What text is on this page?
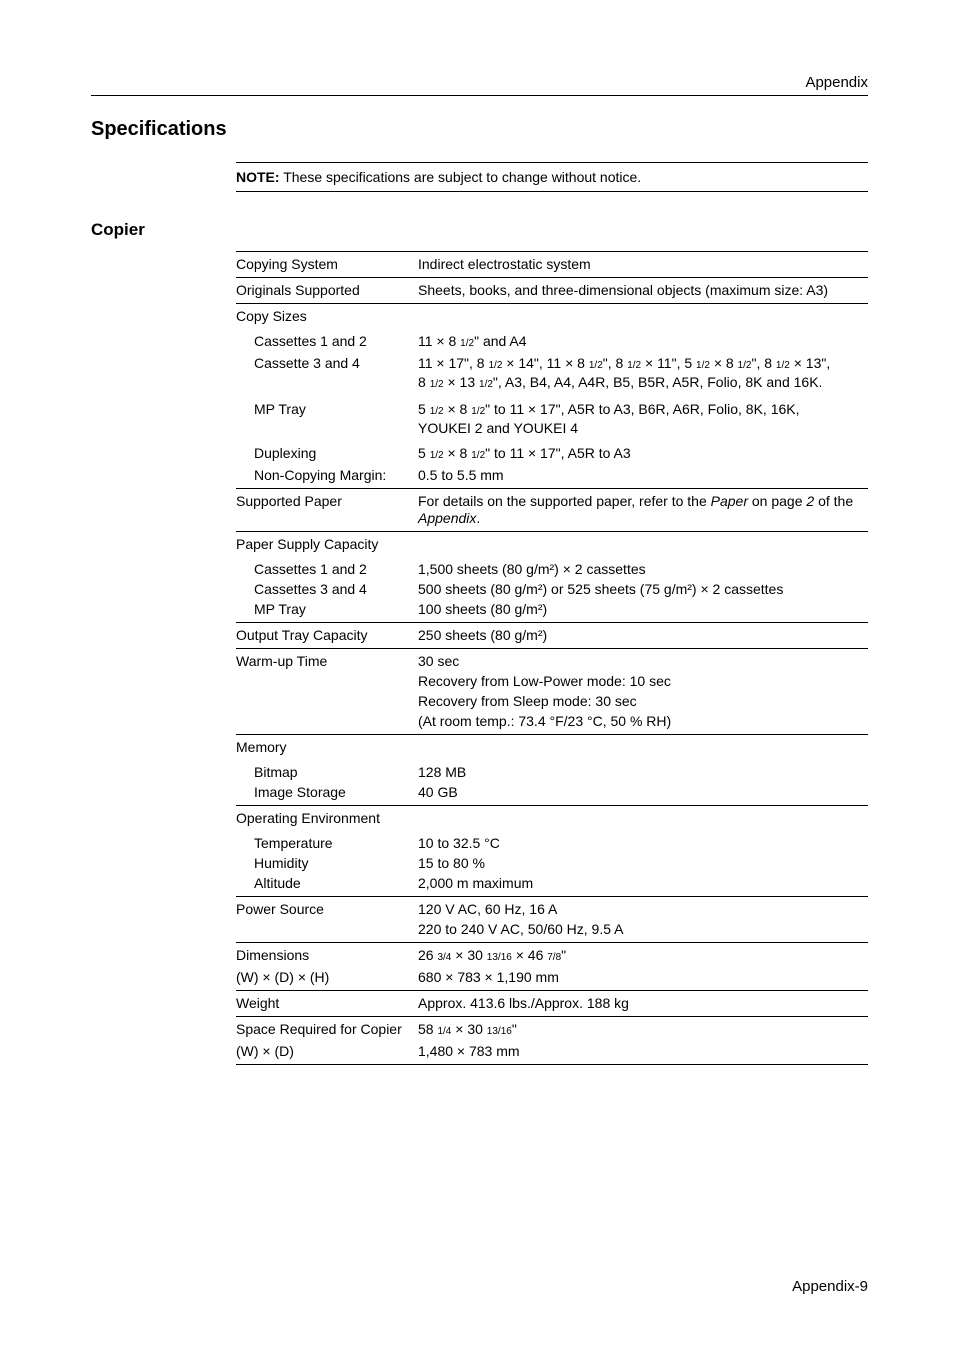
Appendix
Specifications
NOTE: These specifications are subject to change without notice.
Copier
Copying System	Indirect electrostatic system
Originals Supported	Sheets, books, and three-dimensional objects (maximum size: A3)
Copy Sizes
Cassettes 1 and 2	11 × 8 1/2" and A4
Cassette 3 and 4	11 × 17", 8 1/2 × 14", 11 × 8 1/2", 8 1/2 × 11", 5 1/2 × 8 1/2", 8 1/2 × 13",
8 1/2 × 13 1/2", A3, B4, A4, A4R, B5, B5R, A5R, Folio, 8K and 16K.
MP Tray	5 1/2 × 8 1/2" to 11 × 17", A5R to A3, B6R, A6R, Folio, 8K, 16K,
YOUKEI 2 and YOUKEI 4
Duplexing	5 1/2 × 8 1/2" to 11 × 17", A5R to A3
Non-Copying Margin:	0.5 to 5.5 mm
Supported Paper	For details on the supported paper, refer to the Paper on page 2 of the
Appendix.
Paper Supply Capacity
Cassettes 1 and 2	1,500 sheets (80 g/m²) × 2 cassettes
Cassettes 3 and 4	500 sheets (80 g/m²) or 525 sheets (75 g/m²) × 2 cassettes
MP Tray	100 sheets (80 g/m²)
Output Tray Capacity	250 sheets (80 g/m²)
Warm-up Time	30 sec
Recovery from Low-Power mode: 10 sec
Recovery from Sleep mode: 30 sec
(At room temp.: 73.4 °F/23 °C, 50 % RH)
Memory
Bitmap	128 MB
Image Storage	40 GB
Operating Environment
Temperature	10 to 32.5 °C
Humidity	15 to 80 %
Altitude	2,000 m maximum
Power Source	120 V AC, 60 Hz, 16 A
220 to 240 V AC, 50/60 Hz, 9.5 A
Dimensions	26 3/4 × 30 13/16 × 46 7/8"
(W) × (D) × (H)	680 × 783 × 1,190 mm
Weight	Approx. 413.6 lbs./Approx. 188 kg
Space Required for Copier	58 1/4 × 30 13/16"
(W) × (D)	1,480 × 783 mm
Appendix-9
